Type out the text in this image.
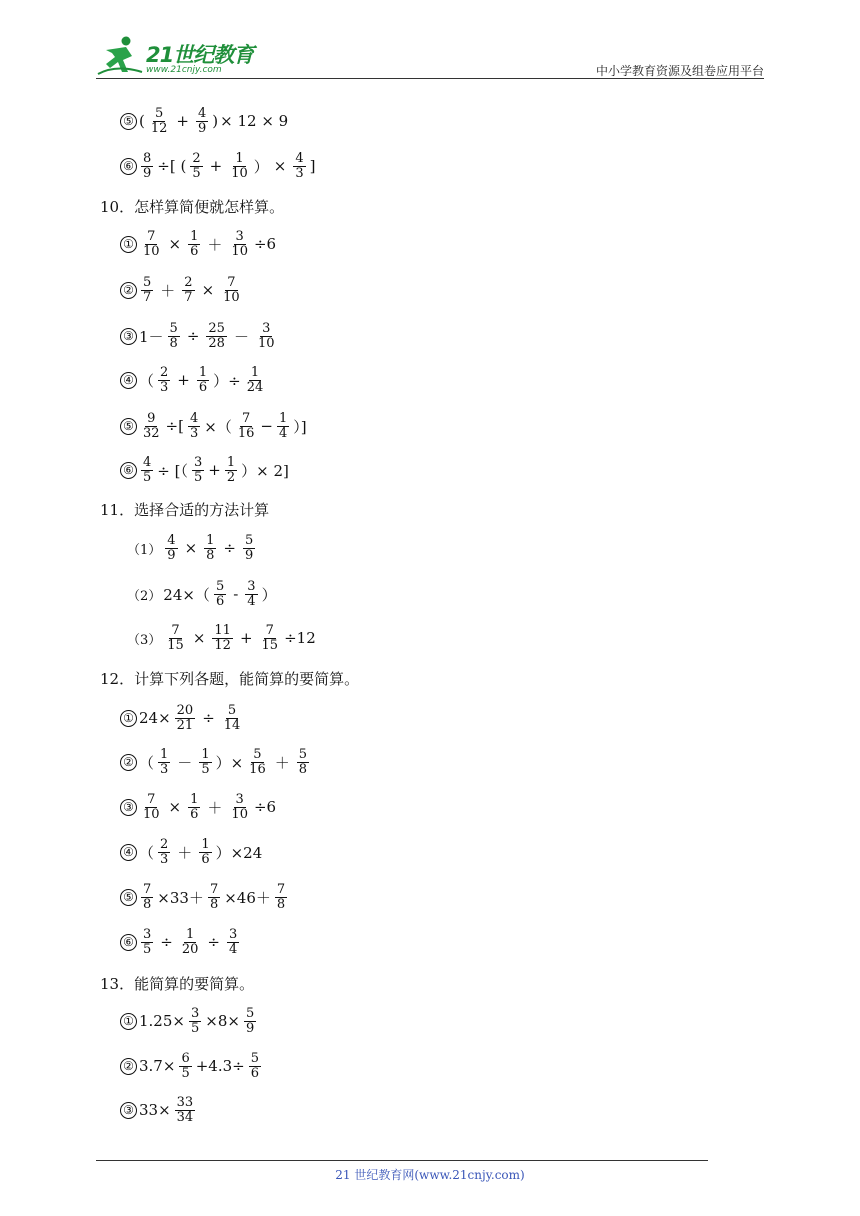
21世纪教育
www.21cnjy.com	中小学教育资源及组卷应用平台
⑤ ( $\frac{5}{12} + \frac{4}{9}$ ) × 12 × 9
⑥ $\frac{8}{9}$ ÷[ ( $\frac{2}{5} + \frac{1}{10}$ ） × $\frac{4}{3}$ ]
10．怎样算简便就怎样算。
① $\frac{7}{10} \times \frac{1}{6} + \frac{3}{10} \div 6$
② $\frac{5}{7} + \frac{2}{7} \times \frac{7}{10}$
③ $1- \frac{5}{8} \div \frac{25}{28} - \frac{3}{10}$
④ （ $\frac{2}{3} + \frac{1}{6}$ ）÷ $\frac{1}{24}$
⑤ $\frac{9}{32}$ ÷[ $\frac{4}{3}$ ×（ $\frac{7}{16} - \frac{1}{4}$ ）]
⑥ $\frac{4}{5}$ ÷ [（ $\frac{3}{5} + \frac{1}{2}$ ）× 2]
11．选择合适的方法计算
$(1) \frac{4}{9} \times \frac{1}{8} \div \frac{5}{9}$
（2） $24\times( \frac{5}{6} - \frac{3}{4}$ ）
$(3) \frac{7}{15} \times \frac{11}{12} + \frac{7}{15} \div 12$
12．计算下列各题，能简算的要简算。
① $24\times \frac{20}{21} \div \frac{5}{14}$
② （ $\frac{1}{3} - \frac{1}{5}$ ）× $\frac{5}{16} + \frac{5}{8}$
③ $\frac{7}{10} \times \frac{1}{6} + \frac{3}{10} \div 6$
④ （ $\frac{2}{3} + \frac{1}{6} )\times 24$
⑤ $\frac{7}{8} \times 33+ \frac{7}{8} \times 46+ \frac{7}{8}$
⑥ $\frac{3}{5} \div \frac{1}{20} \div \frac{3}{4}$
13．能简算的要简算。
① $1.25\times \frac{3}{5} \times 8\times \frac{5}{9}$
② $3.7\times \frac{6}{5} +4.3\div \frac{5}{6}$
③ $33\times \frac{33}{34}$
21 世纪教育网(www.21cnjy.com)
